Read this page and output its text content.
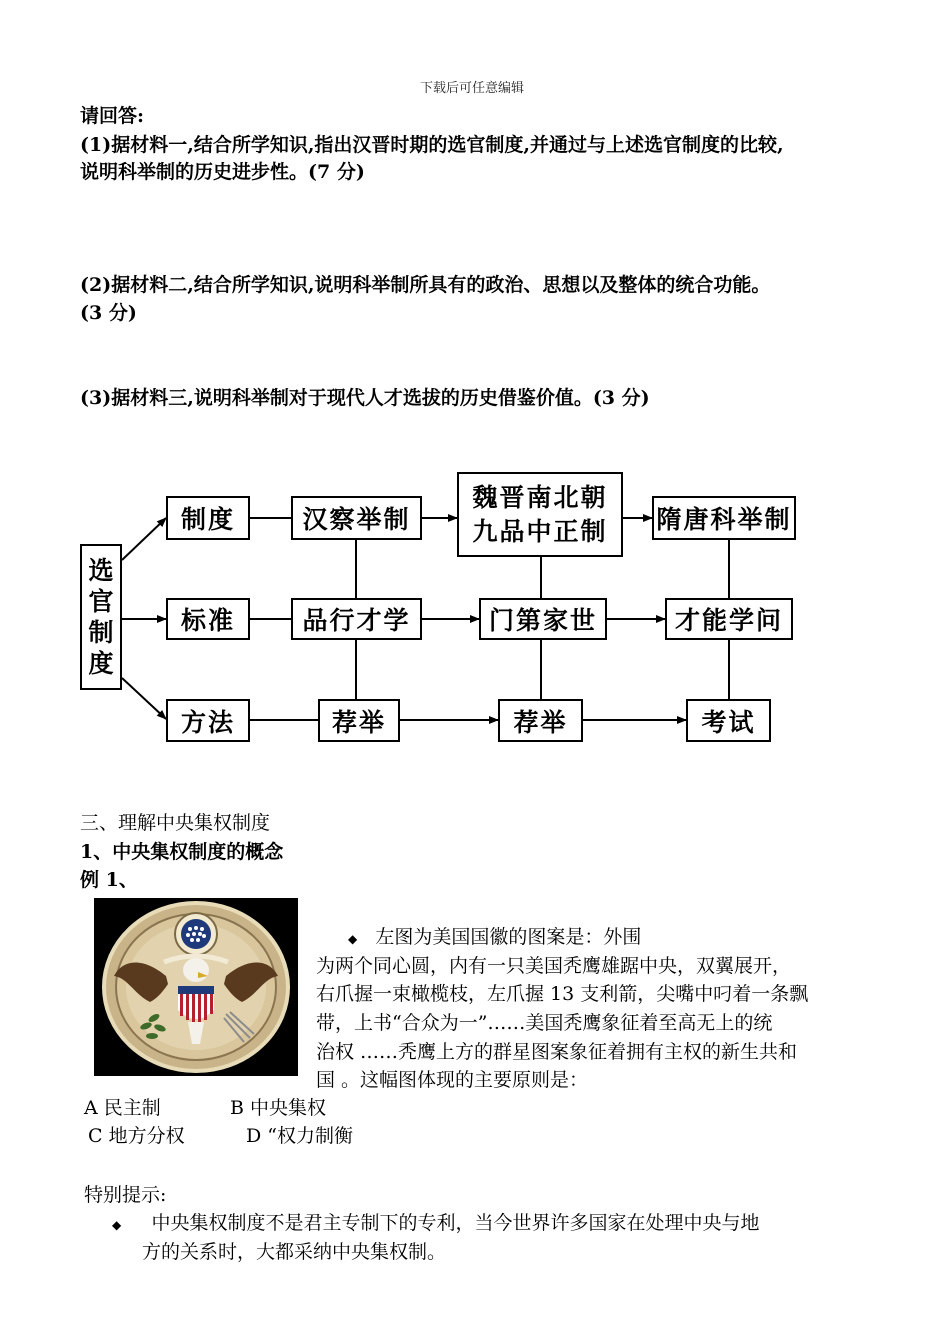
下载后可任意编辑
请回答:
(1)据材料一,结合所学知识,指出汉晋时期的选官制度,并通过与上述选官制度的比较,
说明科举制的历史进步性。(7 分)
(2)据材料二,结合所学知识,说明科举制所具有的政治、思想以及整体的统合功能。
(3 分)
(3)据材料三,说明科举制对于现代人才选拔的历史借鉴价值。(3 分)
选
官
制
度
制度
标准
方法
汉察举制
品行才学
荐举
魏晋南北朝
九品中正制
门第家世
荐举
隋唐科举制
才能学问
考试
三、理解中央集权制度
1、中央集权制度的概念
例 1、
◆ 左图为美国国徽的图案是：外围
为两个同心圆，内有一只美国秃鹰雄踞中央，双翼展开，
右爪握一束橄榄枝，左爪握 13 支利箭，尖嘴中叼着一条飘
带，上书“合众为一”……美国秃鹰象征着至高无上的统
治权 ……秃鹰上方的群星图案象征着拥有主权的新生共和
国 。这幅图体现的主要原则是：
A 民主制	B 中央集权
C 地方分权	D “权力制衡
特别提示:
◆ 中央集权制度不是君主专制下的专利，当今世界许多国家在处理中央与地
方的关系时，大都采纳中央集权制。
